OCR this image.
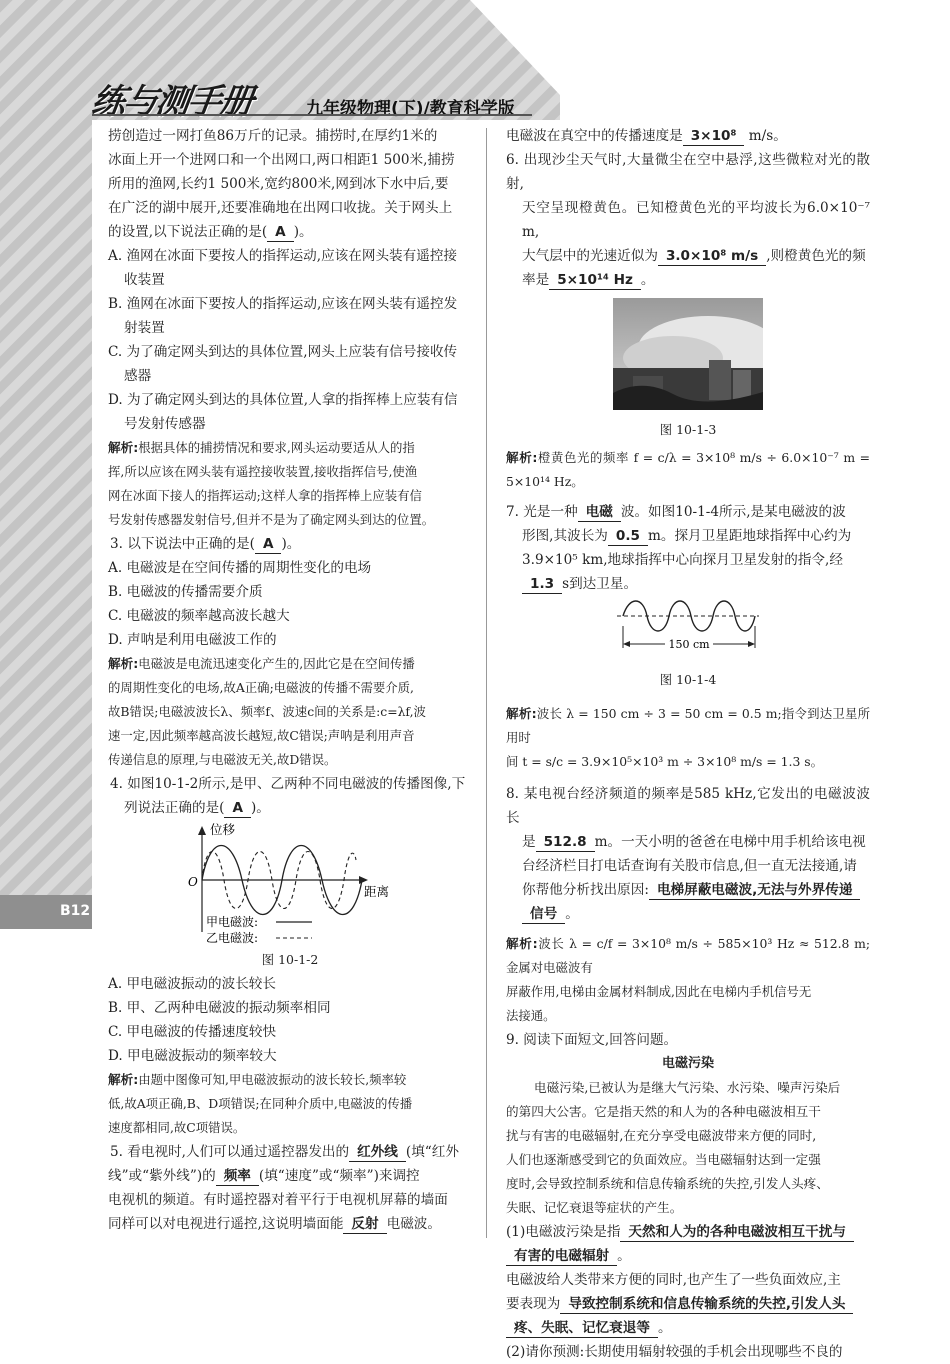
B12
练与测手册	九年级物理(下)/教育科学版

捞创造过一网打鱼86万斤的记录。捕捞时,在厚约1米的

冰面上开一个进网口和一个出网口,两口相距1 500米,捕捞

所用的渔网,长约1 500米,宽约800米,网到冰下水中后,要

在广泛的湖中展开,还要准确地在出网口收拢。关于网头上

的设置,以下说法正确的是( A )。

A. 渔网在冰面下要按人的指挥运动,应该在网头装有遥控接

收装置

B. 渔网在冰面下要按人的指挥运动,应该在网头装有遥控发

射装置

C. 为了确定网头到达的具体位置,网头上应装有信号接收传

感器

D. 为了确定网头到达的具体位置,人拿的指挥棒上应装有信

号发射传感器

解析:根据具体的捕捞情况和要求,网头运动要适从人的指

挥,所以应该在网头装有遥控接收装置,接收指挥信号,使渔

网在冰面下接人的指挥运动;这样人拿的指挥棒上应装有信

号发射传感器发射信号,但并不是为了确定网头到达的位置。

3. 以下说法中正确的是( A )。

A. 电磁波是在空间传播的周期性变化的电场

B. 电磁波的传播需要介质

C. 电磁波的频率越高波长越大

D. 声呐是利用电磁波工作的

解析:电磁波是电流迅速变化产生的,因此它是在空间传播

的周期性变化的电场,故A正确;电磁波的传播不需要介质,

故B错误;电磁波波长λ、频率f、波速c间的关系是:c=λf,波

速一定,因此频率越高波长越短,故C错误;声呐是利用声音

传递信息的原理,与电磁波无关,故D错误。

4. 如图10-1-2所示,是甲、乙两种不同电磁波的传播图像,下

列说法正确的是( A )。

位移
距离
O
甲电磁波:
乙电磁波:

图 10-1-2

A. 甲电磁波振动的波长较长

B. 甲、乙两种电磁波的振动频率相同

C. 甲电磁波的传播速度较快

D. 甲电磁波振动的频率较大

解析:由题中图像可知,甲电磁波振动的波长较长,频率较

低,故A项正确,B、D项错误;在同种介质中,电磁波的传播

速度都相同,故C项错误。

5. 看电视时,人们可以通过遥控器发出的 红外线 (填“红外

线”或“紫外线”)的 频率 (填“速度”或“频率”)来调控

电视机的频道。有时遥控器对着平行于电视机屏幕的墙面

同样可以对电视进行遥控,这说明墙面能 反射 电磁波。

电磁波在真空中的传播速度是 3×10⁸ m/s。

6. 出现沙尘天气时,大量微尘在空中悬浮,这些微粒对光的散射,

天空呈现橙黄色。已知橙黄色光的平均波长为6.0×10⁻⁷ m,

大气层中的光速近似为 3.0×10⁸ m/s ,则橙黄色光的频

率是 5×10¹⁴ Hz 。

图 10-1-3

解析:橙黄色光的频率 f = c/λ = 3×10⁸ m/s ÷ 6.0×10⁻⁷ m = 5×10¹⁴ Hz。

7. 光是一种 电磁 波。如图10-1-4所示,是某电磁波的波

形图,其波长为 0.5 m。探月卫星距地球指挥中心约为

3.9×10⁵ km,地球指挥中心向探月卫星发射的指令,经

1.3 s到达卫星。

150 cm

图 10-1-4

解析:波长 λ = 150 cm ÷ 3 = 50 cm = 0.5 m;指令到达卫星所用时

间 t = s/c = 3.9×10⁵×10³ m ÷ 3×10⁸ m/s = 1.3 s。

8. 某电视台经济频道的频率是585 kHz,它发出的电磁波波长

是 512.8 m。一天小明的爸爸在电梯中用手机给该电视

台经济栏目打电话查询有关股市信息,但一直无法接通,请

你帮他分析找出原因: 电梯屏蔽电磁波,无法与外界传递

信号 。

解析:波长 λ = c/f = 3×10⁸ m/s ÷ 585×10³ Hz ≈ 512.8 m;金属对电磁波有

屏蔽作用,电梯由金属材料制成,因此在电梯内手机信号无

法接通。

9. 阅读下面短文,回答问题。

电磁污染

电磁污染,已被认为是继大气污染、水污染、噪声污染后

的第四大公害。它是指天然的和人为的各种电磁波相互干

扰与有害的电磁辐射,在充分享受电磁波带来方便的同时,

人们也逐渐感受到它的负面效应。当电磁辐射达到一定强

度时,会导致控制系统和信息传输系统的失控,引发人头疼、

失眠、记忆衰退等症状的产生。

(1)电磁波污染是指 天然和人为的各种电磁波相互干扰与

有害的电磁辐射 。

电磁波给人类带来方便的同时,也产生了一些负面效应,主

要表现为 导致控制系统和信息传输系统的失控,引发人头

疼、失眠、记忆衰退等 。

(2)请你预测:长期使用辐射较强的手机会出现哪些不良的
